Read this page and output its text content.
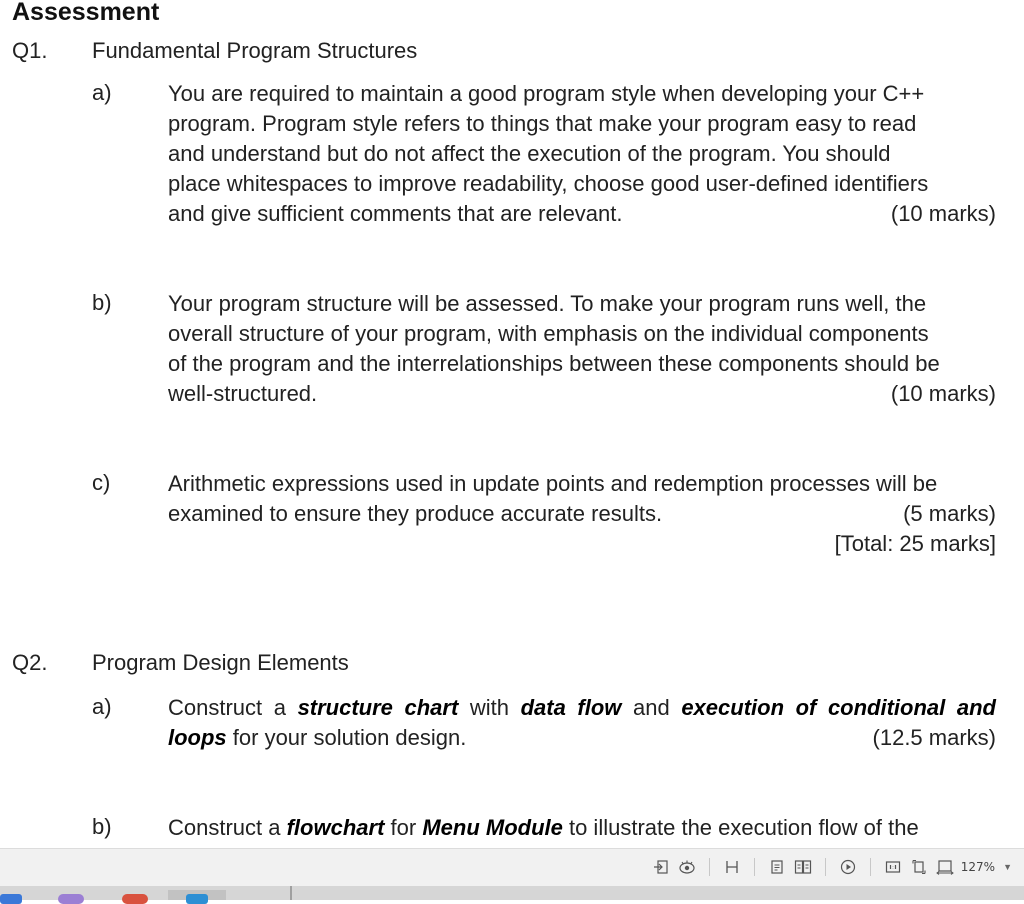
Assessment
Q1. Fundamental Program Structures
a)	You are required to maintain a good program style when developing your C++
program. Program style refers to things that make your program easy to read
and understand but do not affect the execution of the program. You should
place whitespaces to improve readability, choose good user-defined identifiers
and give sufficient comments that are relevant.	(10 marks)
b)	Your program structure will be assessed. To make your program runs well, the
overall structure of your program, with emphasis on the individual components
of the program and the interrelationships between these components should be
well-structured.	(10 marks)
c)	Arithmetic expressions used in update points and redemption processes will be
examined to ensure they produce accurate results.	(5 marks)
[Total: 25 marks]
Q2. Program Design Elements
a)	Construct a structure chart with data flow and execution of conditional and
loops for your solution design.	(12.5 marks)
b)	Construct a flowchart for Menu Module to illustrate the execution flow of the
127% ▼
